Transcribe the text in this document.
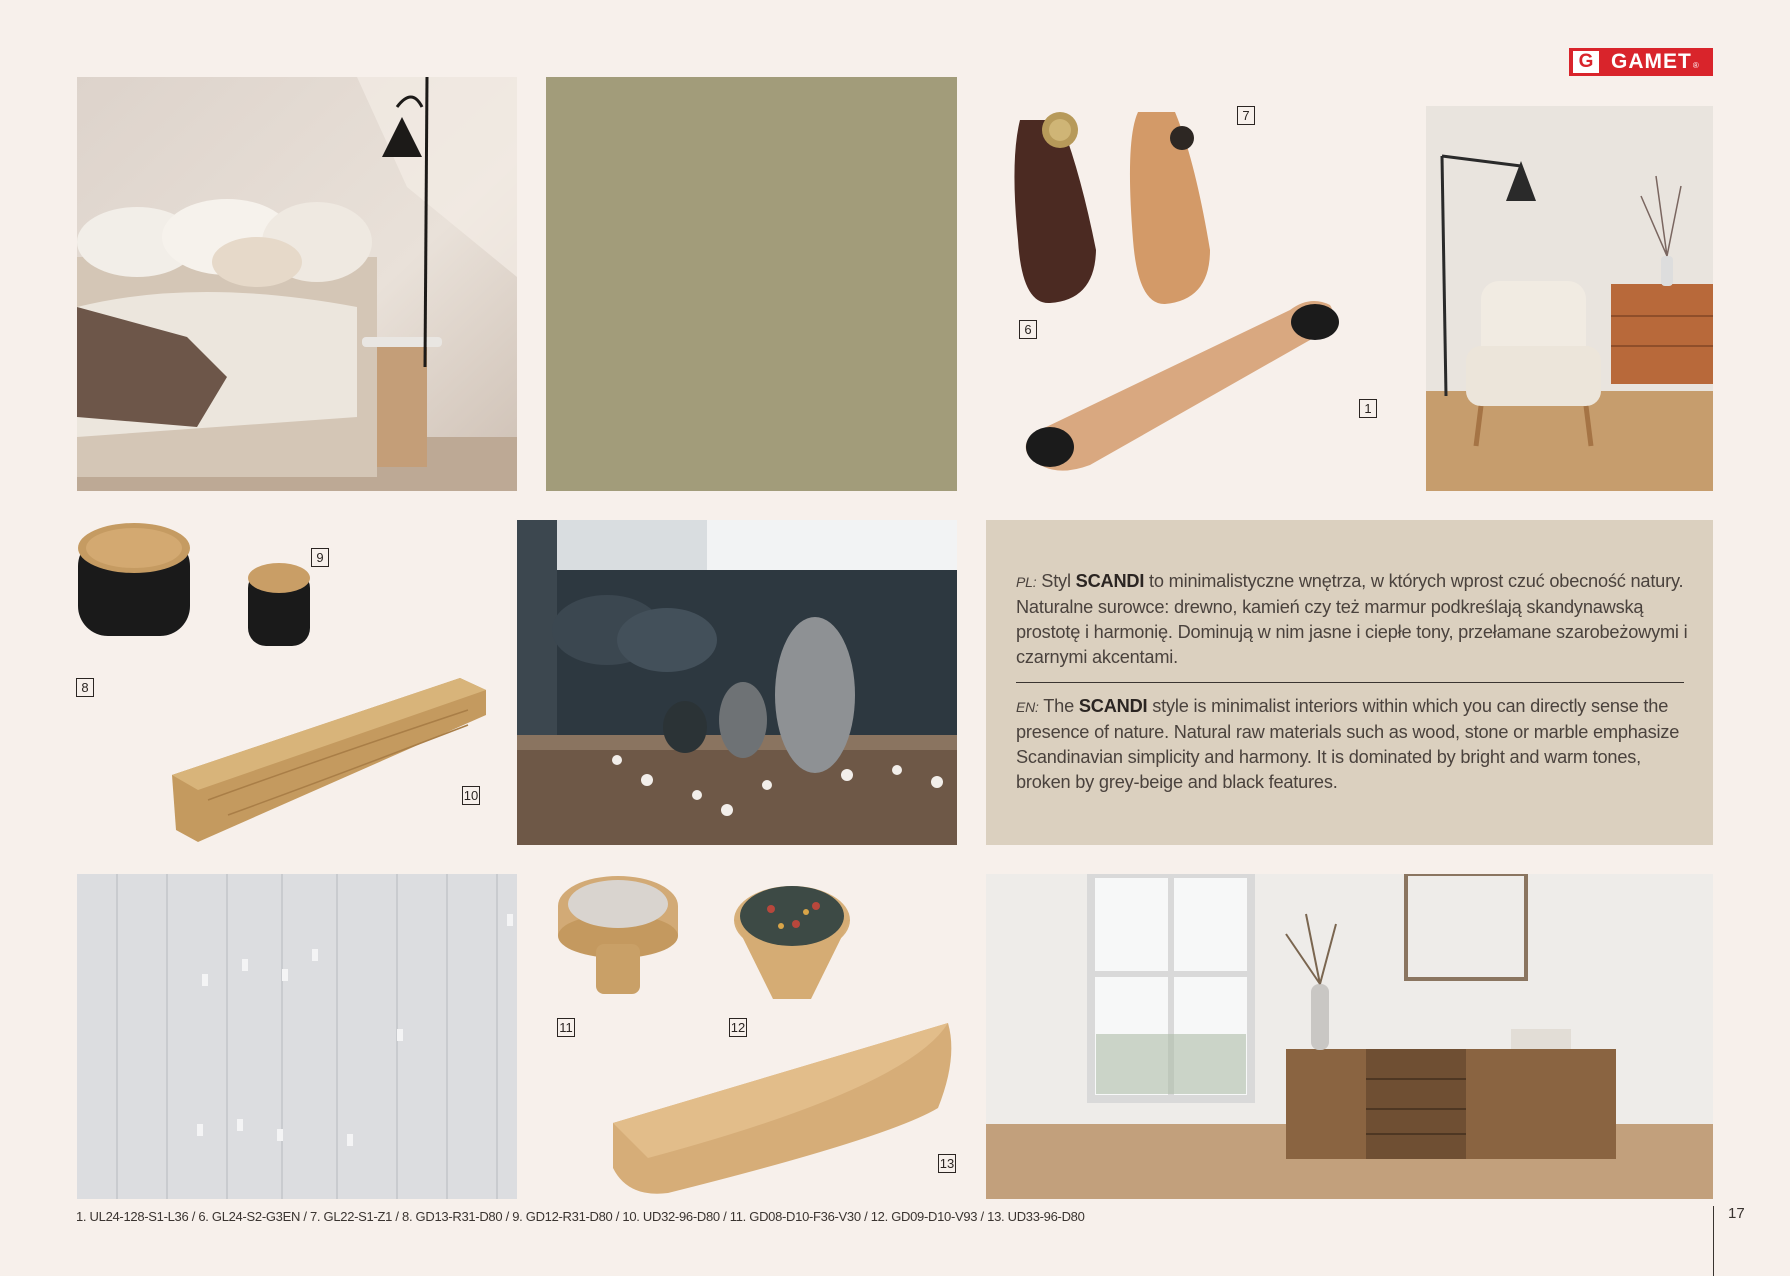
G GAMET ®
7
6
1
9
8
10
PL: Styl SCANDI to minimalistyczne wnętrza, w których wprost czuć obecność natury. Naturalne surowce: drewno, kamień czy też marmur podkreślają skandynawską prostotę i harmonię. Dominują w nim jasne i ciepłe tony, przełamane szarobeżowymi i czarnymi akcentami.
EN: The SCANDI style is minimalist interiors within which you can directly sense the presence of nature. Natural raw materials such as wood, stone or marble emphasize Scandinavian simplicity and harmony. It is dominated by bright and warm tones, broken by grey-beige and black features.
11	12
13
1. UL24-128-S1-L36 / 6. GL24-S2-G3EN / 7. GL22-S1-Z1 / 8. GD13-R31-D80 / 9. GD12-R31-D80 / 10. UD32-96-D80 / 11. GD08-D10-F36-V30 / 12. GD09-D10-V93 / 13. UD33-96-D80	17
